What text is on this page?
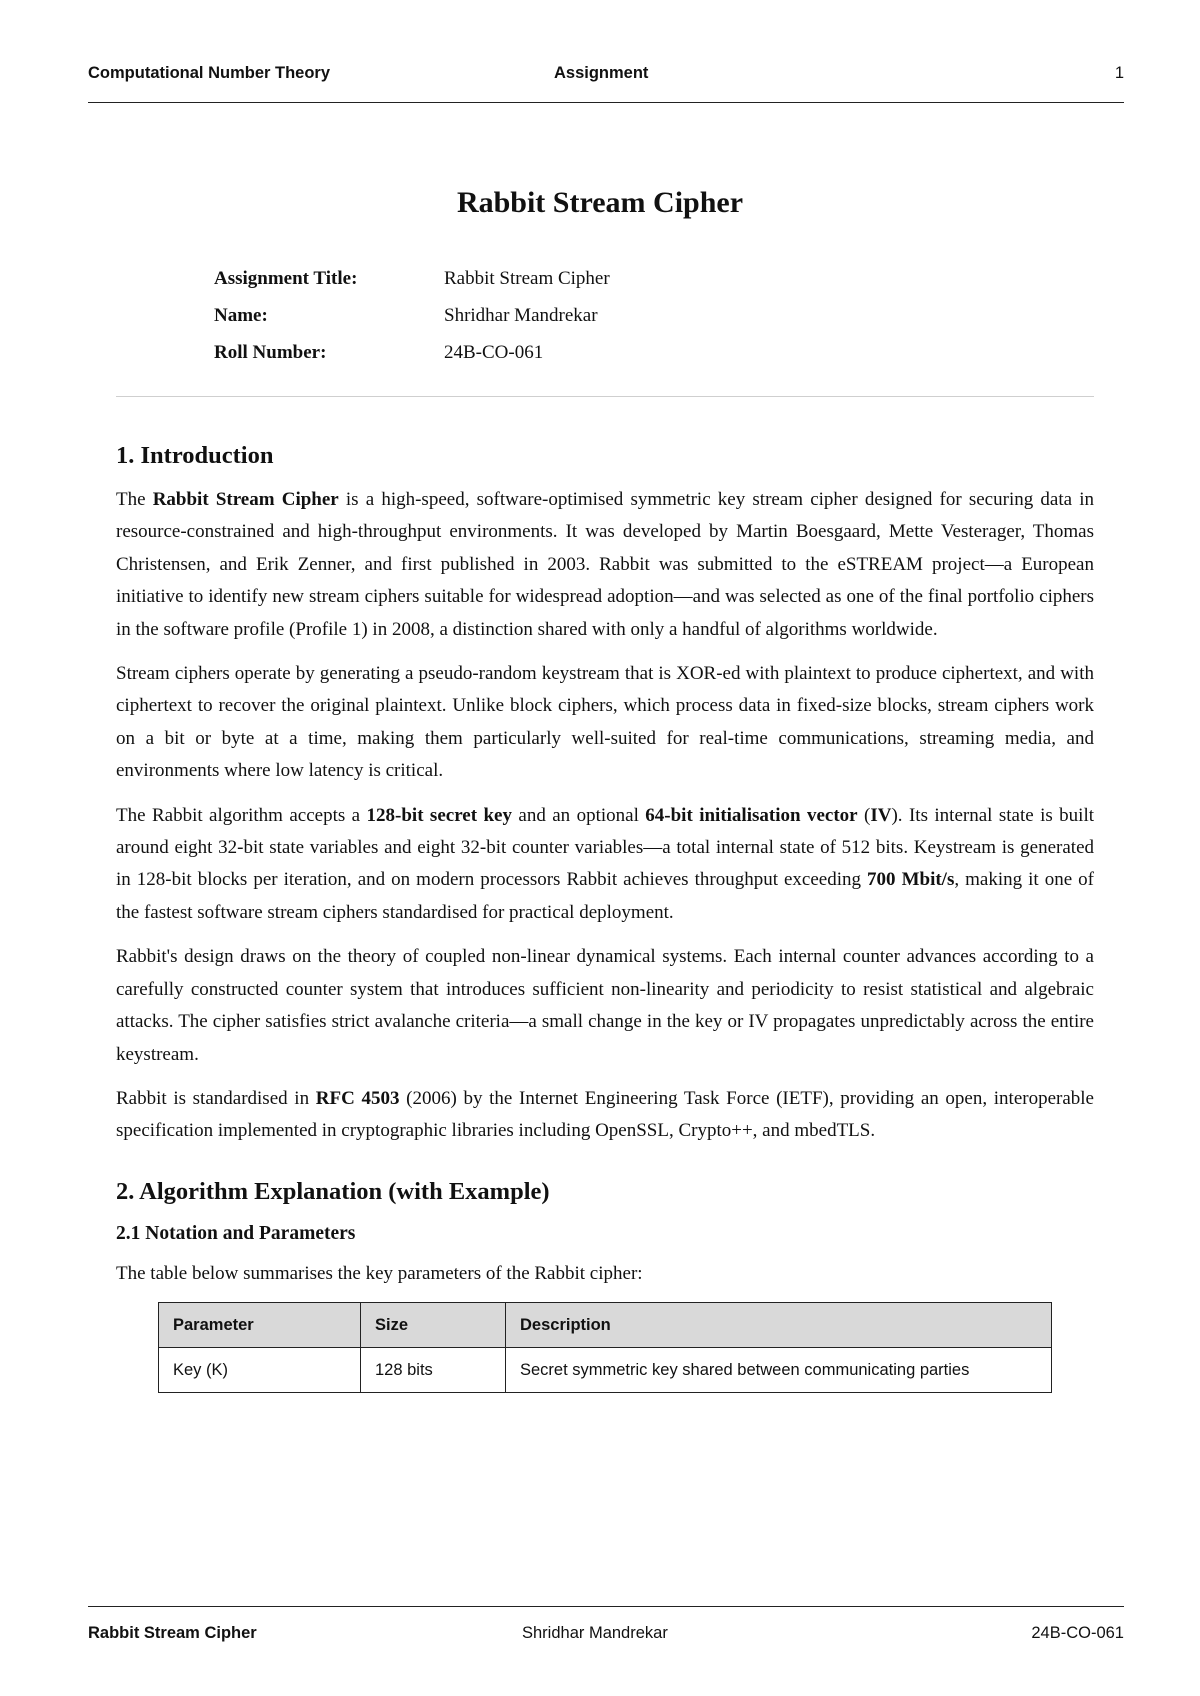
Computational Number Theory	Assignment	1
Rabbit Stream Cipher
Assignment Title:	Rabbit Stream Cipher
Name:	Shridhar Mandrekar
Roll Number:	24B-CO-061
1. Introduction

The Rabbit Stream Cipher is a high-speed, software-optimised symmetric key stream cipher designed for securing data in resource-constrained and high-throughput environments. It was developed by Martin Boesgaard, Mette Vesterager, Thomas Christensen, and Erik Zenner, and first published in 2003. Rabbit was submitted to the eSTREAM project—a European initiative to identify new stream ciphers suitable for widespread adoption—and was selected as one of the final portfolio ciphers in the software profile (Profile 1) in 2008, a distinction shared with only a handful of algorithms worldwide.

Stream ciphers operate by generating a pseudo-random keystream that is XOR-ed with plaintext to produce ciphertext, and with ciphertext to recover the original plaintext. Unlike block ciphers, which process data in fixed-size blocks, stream ciphers work on a bit or byte at a time, making them particularly well-suited for real-time communications, streaming media, and environments where low latency is critical.

The Rabbit algorithm accepts a 128-bit secret key and an optional 64-bit initialisation vector (IV). Its internal state is built around eight 32-bit state variables and eight 32-bit counter variables—a total internal state of 512 bits. Keystream is generated in 128-bit blocks per iteration, and on modern processors Rabbit achieves throughput exceeding 700 Mbit/s, making it one of the fastest software stream ciphers standardised for practical deployment.

Rabbit's design draws on the theory of coupled non-linear dynamical systems. Each internal counter advances according to a carefully constructed counter system that introduces sufficient non-linearity and periodicity to resist statistical and algebraic attacks. The cipher satisfies strict avalanche criteria—a small change in the key or IV propagates unpredictably across the entire keystream.

Rabbit is standardised in RFC 4503 (2006) by the Internet Engineering Task Force (IETF), providing an open, interoperable specification implemented in cryptographic libraries including OpenSSL, Crypto++, and mbedTLS.

2. Algorithm Explanation (with Example)
2.1 Notation and Parameters

The table below summarises the key parameters of the Rabbit cipher:

Parameter	Size	Description
Key (K)	128 bits	Secret symmetric key shared between communicating parties
Rabbit Stream Cipher	Shridhar Mandrekar	24B-CO-061
